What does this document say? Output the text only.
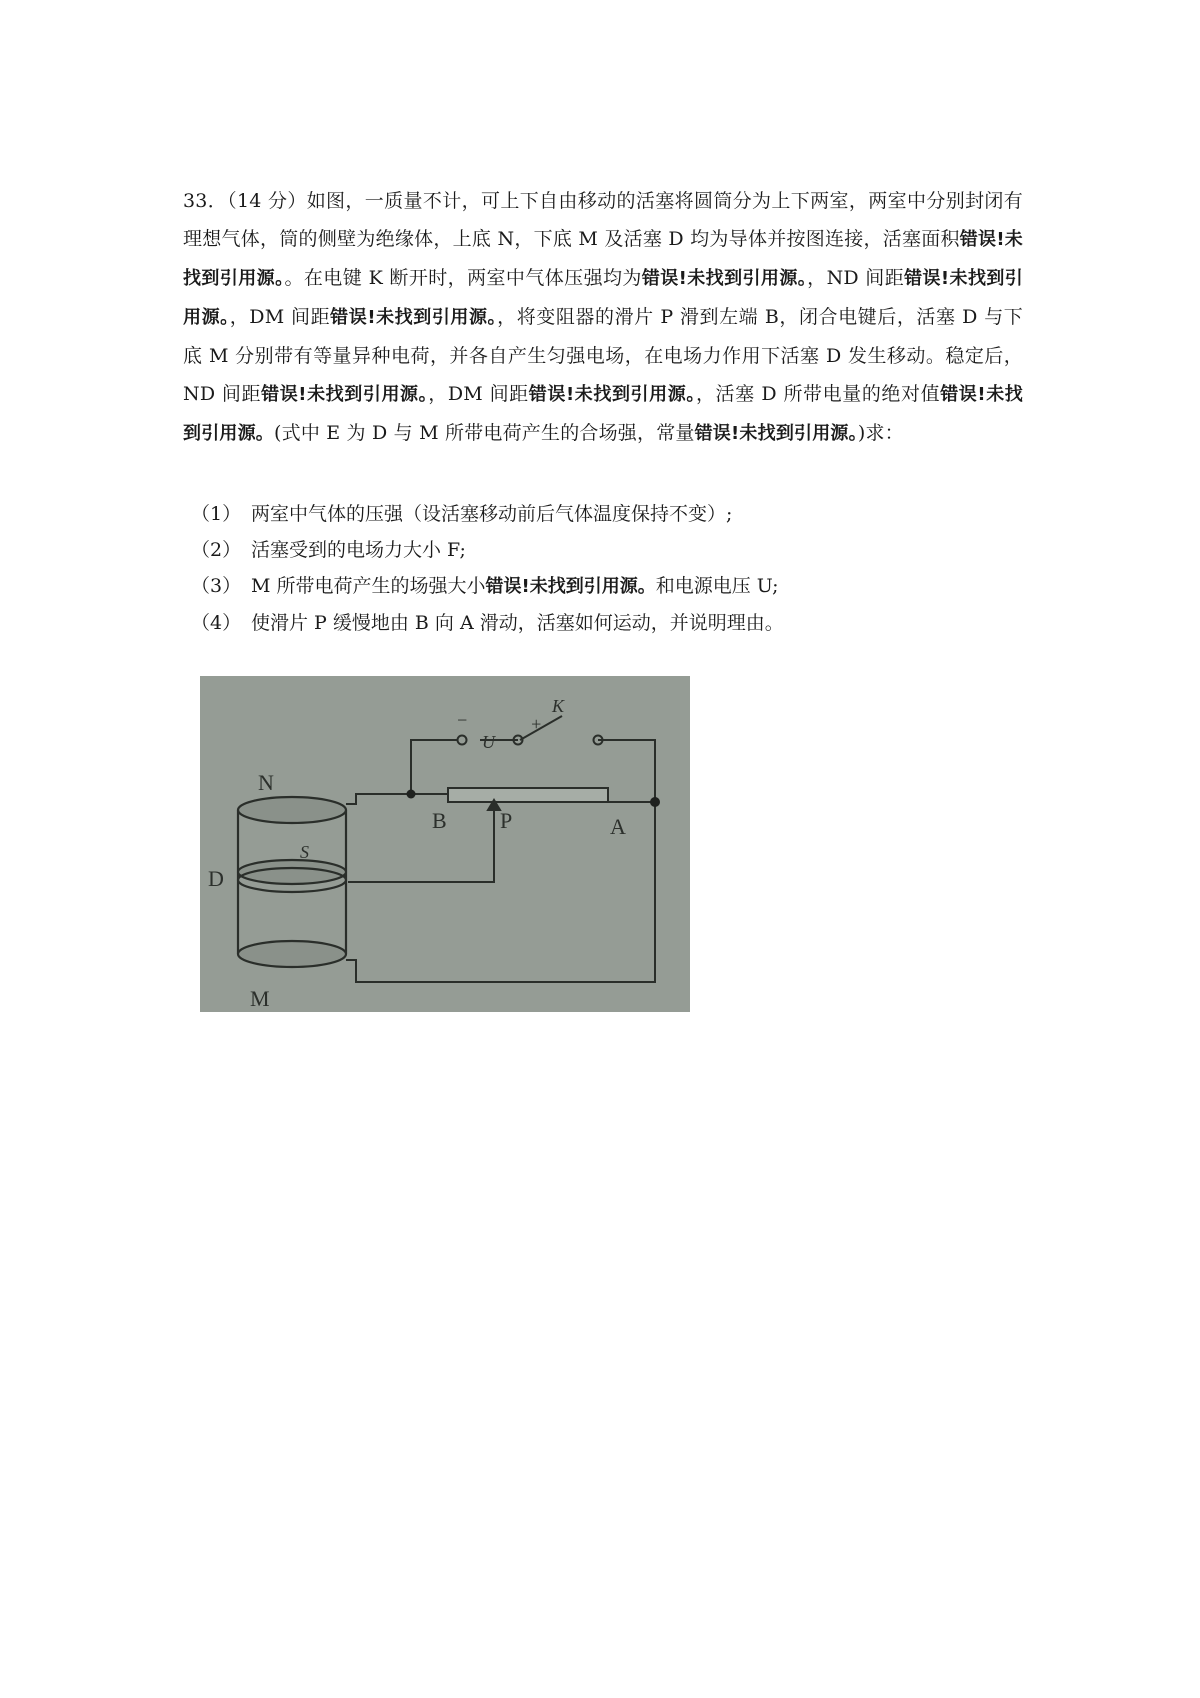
33．（14 分）如图，一质量不计，可上下自由移动的活塞将圆筒分为上下两室，两室中分别封闭有理想气体，筒的侧壁为绝缘体，上底 N，下底 M 及活塞 D 均为导体并按图连接，活塞面积错误!未找到引用源。。在电键 K 断开时，两室中气体压强均为错误!未找到引用源。，ND 间距错误!未找到引用源。，DM 间距错误!未找到引用源。，将变阻器的滑片 P 滑到左端 B，闭合电键后，活塞 D 与下底 M 分别带有等量异种电荷，并各自产生匀强电场，在电场力作用下活塞 D 发生移动。稳定后，ND 间距错误!未找到引用源。，DM 间距错误!未找到引用源。，活塞 D 所带电量的绝对值错误!未找到引用源。(式中 E 为 D 与 M 所带电荷产生的合场强，常量错误!未找到引用源。)求：

（1） 两室中气体的压强（设活塞移动前后气体温度保持不变）;
（2） 活塞受到的电场力大小 F;
（3） M 所带电荷产生的场强大小错误!未找到引用源。和电源电压 U;
（4） 使滑片 P 缓慢地由 B 向 A 滑动，活塞如何运动，并说明理由。
N
D
M
B P	A
U
K
S
−	+
